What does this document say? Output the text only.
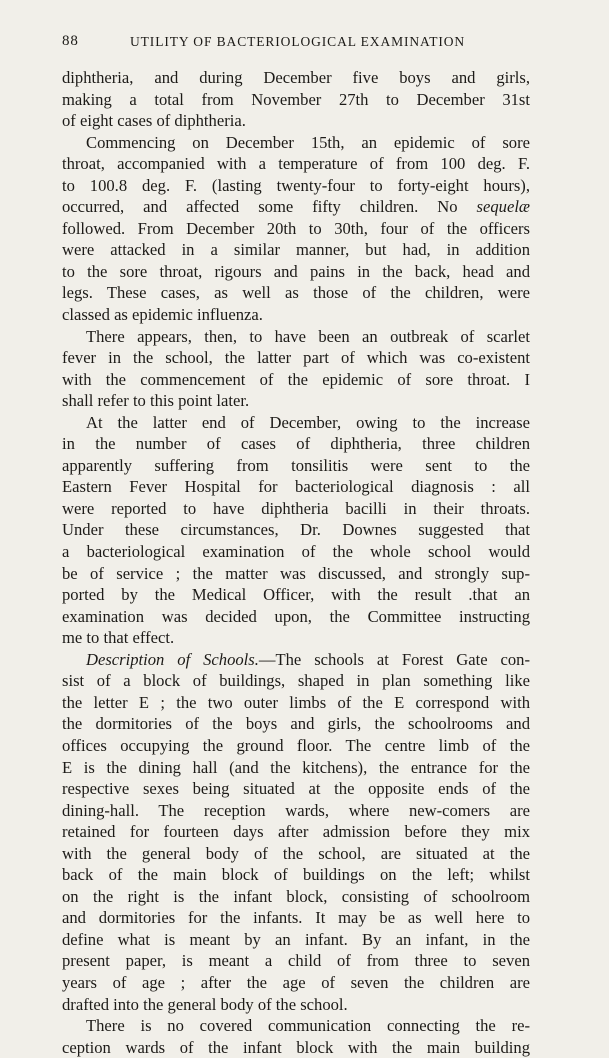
88	UTILITY OF BACTERIOLOGICAL EXAMINATION
diphtheria, and during December five boys and girls,
making a total from November 27th to December 31st
of eight cases of diphtheria.
Commencing on December 15th, an epidemic of sore
throat, accompanied with a temperature of from 100 deg. F.
to 100.8 deg. F. (lasting twenty-four to forty-eight hours),
occurred, and affected some fifty children. No sequelæ
followed. From December 20th to 30th, four of the officers
were attacked in a similar manner, but had, in addition
to the sore throat, rigours and pains in the back, head and
legs. These cases, as well as those of the children, were
classed as epidemic influenza.
There appears, then, to have been an outbreak of scarlet
fever in the school, the latter part of which was co-existent
with the commencement of the epidemic of sore throat. I
shall refer to this point later.
At the latter end of December, owing to the increase
in the number of cases of diphtheria, three children
apparently suffering from tonsilitis were sent to the
Eastern Fever Hospital for bacteriological diagnosis : all
were reported to have diphtheria bacilli in their throats.
Under these circumstances, Dr. Downes suggested that
a bacteriological examination of the whole school would
be of service ; the matter was discussed, and strongly sup-
ported by the Medical Officer, with the result .that an
examination was decided upon, the Committee instructing
me to that effect.
Description of Schools.—The schools at Forest Gate con-
sist of a block of buildings, shaped in plan something like
the letter E ; the two outer limbs of the E correspond with
the dormitories of the boys and girls, the schoolrooms and
offices occupying the ground floor. The centre limb of the
E is the dining hall (and the kitchens), the entrance for the
respective sexes being situated at the opposite ends of the
dining-hall. The reception wards, where new-comers are
retained for fourteen days after admission before they mix
with the general body of the school, are situated at the
back of the main block of buildings on the left; whilst
on the right is the infant block, consisting of schoolroom
and dormitories for the infants. It may be as well here to
define what is meant by an infant. By an infant, in the
present paper, is meant a child of from three to seven
years of age ; after the age of seven the children are
drafted into the general body of the school.
There is no covered communication connecting the re-
ception wards of the infant block with the main building
